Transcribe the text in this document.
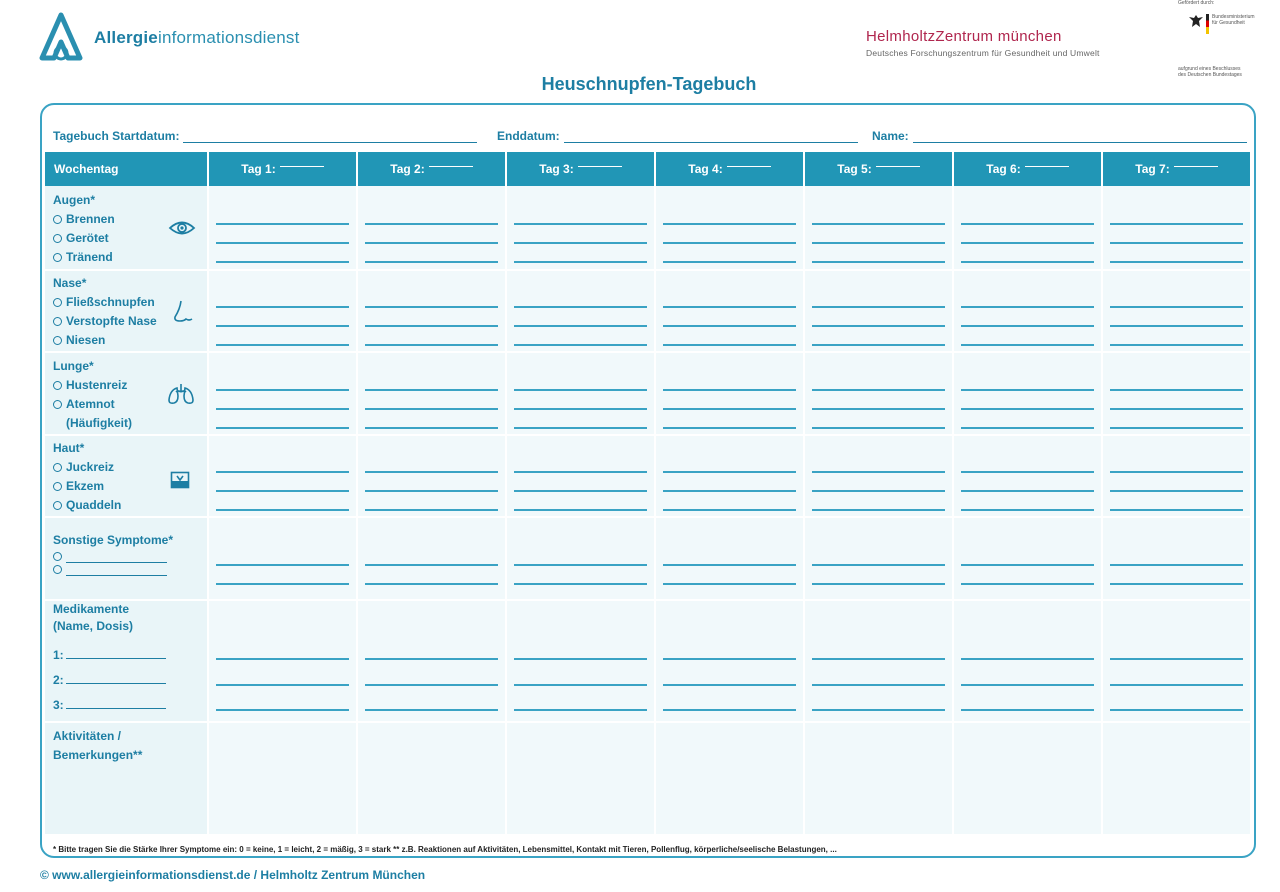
Allergieinformationsdienst	HelmholtzZentrum münchen
Deutsches Forschungszentrum für Gesundheit und Umwelt
Gefördert durch:
Bundesministerium
für Gesundheit
aufgrund eines Beschlusses
des Deutschen Bundestages
Heuschnupfen-Tagebuch
Tagebuch Startdatum:	Enddatum:	Name:
Wochentag	Tag 1:	Tag 2:	Tag 3:	Tag 4:	Tag 5:	Tag 6:	Tag 7:
Augen*
Brennen
Gerötet
Tränend
Nase*
Fließschnupfen
Verstopfte Nase
Niesen
Lunge*
Hustenreiz
Atemnot
(Häufigkeit)
Haut*
Juckreiz
Ekzem
Quaddeln
Sonstige Symptome*
Medikamente
(Name, Dosis)
1:
2:
3:
Aktivitäten /
Bemerkungen**
* Bitte tragen Sie die Stärke Ihrer Symptome ein: 0 = keine, 1 = leicht, 2 = mäßig, 3 = stark ** z.B. Reaktionen auf Aktivitäten, Lebensmittel, Kontakt mit Tieren, Pollenflug, körperliche/seelische Belastungen, ...
© www.allergieinformationsdienst.de / Helmholtz Zentrum München
